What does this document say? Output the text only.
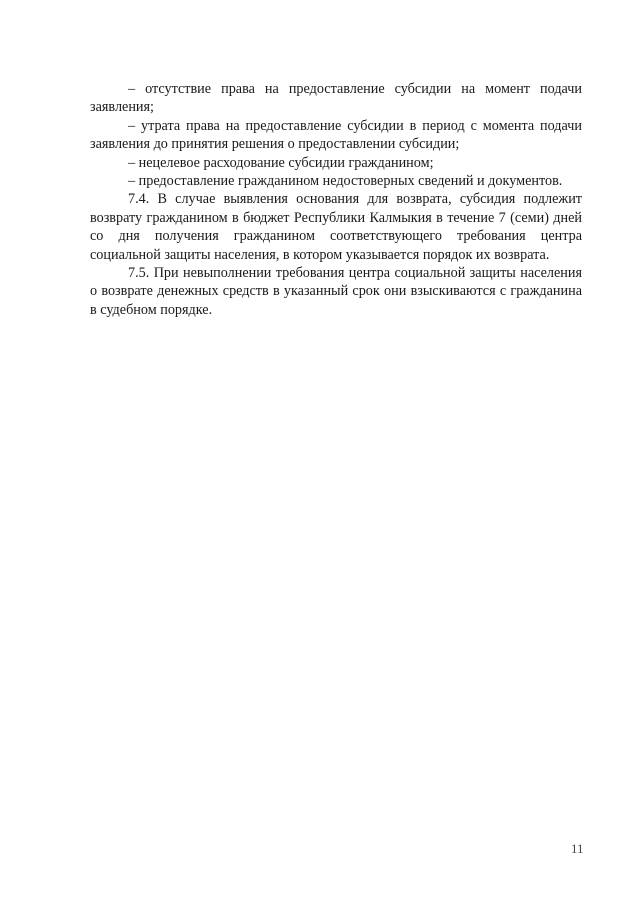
– отсутствие права на предоставление субсидии на момент подачи заявления;

– утрата права на предоставление субсидии в период с момента подачи заявления до принятия решения о предоставлении субсидии;

– нецелевое расходование субсидии гражданином;

– предоставление гражданином недостоверных сведений и документов.

7.4. В случае выявления основания для возврата, субсидия подлежит возврату гражданином в бюджет Республики Калмыкия в течение 7 (семи) дней со дня получения гражданином соответствующего требования центра социальной защиты населения, в котором указывается порядок их возврата.

7.5. При невыполнении требования центра социальной защиты населения о возврате денежных средств в указанный срок они взыскиваются с гражданина в судебном порядке.

11
